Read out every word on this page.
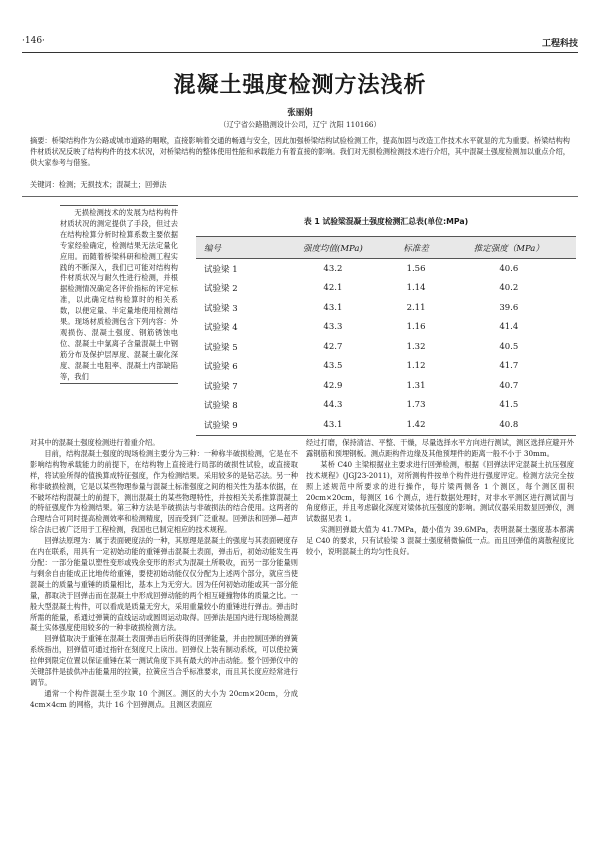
·146·	工程科技
混凝土强度检测方法浅析
张丽娟
（辽宁省公路勘测设计公司，辽宁 沈阳 110166）

摘要：桥梁结构作为公路或城市道路的咽喉，直接影响着交通的畅通与安全，因此加强桥梁结构试验检测工作，提高加固与改造工作技术水平就显的尤为重要。桥梁结构构件材质状况反映了结构构件的技术状况，对桥梁结构的整体使用性能和承载能力有着直接的影响。我们对无损检测检测技术进行介绍，其中混凝土强度检测加以重点介绍，供大家参考与借鉴。

关键词：检测；无损技术；混凝土；回弹法

无损检测技术的发展为结构构件材质状况的测定提供了手段，但过去在结构检算分析时检算系数主要依据专家经验确定，检测结果无法定量化应用。而随着桥梁科研和检测工程实践的不断深入，我们已可能对结构构件材质状况与耐久性进行检测，并根据检测情况确定各评价指标的评定标准，以此确定结构检算时的相关系数，以便定量、半定量地使用检测结果。现场材质检测包含下列内容：外观损伤、混凝土强度、钢筋锈蚀电位、混凝土中氯离子含量混凝土中钢筋分布及保护层厚度、混凝土碳化深度、混凝土电阻率、混凝土内部缺陷等，我们

表 1 试验梁混凝土强度检测汇总表(单位:MPa)
编号	强度均值(MPa)	标准差	推定强度（MPa）
试验梁 1	43.2	1.56	40.6
试验梁 2	42.1	1.14	40.2
试验梁 3	43.1	2.11	39.6
试验梁 4	43.3	1.16	41.4
试验梁 5	42.7	1.32	40.5
试验梁 6	43.5	1.12	41.7
试验梁 7	42.9	1.31	40.7
试验梁 8	44.3	1.73	41.5
试验梁 9	43.1	1.42	40.8

对其中的混凝土强度检测进行着重介绍。

目前，结构混凝土强度的现场检测主要分为三种：一种称半破损检测，它是在不影响结构物承载能力的前提下，在结构物上直接进行局部的破损性试验，或直接取样，将试验所得的值换算成特征强度，作为检测结果。采用较多的是钻芯法。另一种称非破损检测，它是以某些物理参量与混凝土标准强度之间的相关性为基本依据，在不破坏结构混凝土的前提下，测出混凝土的某些物理特性，并按相关关系推算混凝土的特征强度作为检测结果。第三种方法是半破损法与非破损法的结合使用。这两者的合理结合可同时提高检测效率和检测精度，因而受到广泛重视。回弹法和回弹—超声综合法已被广泛用于工程检测，我国也已制定相应的技术规程。

回弹法原理为：属于表面硬度法的一种，其原理是混凝土的强度与其表面硬度存在内在联系，用具有一定初始动能的重锤弹击混凝土表面，弹击后，初始动能发生再分配：一部分能量以塑性变形或残余变形的形式为混凝土所吸收，而另一部分能量则与剩余自由能成正比地传给重锤，要使初始动能仅仅分配为上述两个部分，就应当使混凝土的质量与重锤的质量相比，基本上为无穷大。因为任何初始动能或其一部分能量，都取决于回弹击而在混凝土中形成回弹动能的两个相互碰撞物体的质量之比。一般大型混凝土构件，可以看成是质量无穷大，采用重量较小的重锤进行弹击。弹击时所需的能量，系通过弹簧的直线运动或圆周运动取得。回弹法是国内进行现场检测混凝土实体强度使用较多的一种非破损检测方法。

回弹值取决于重锤在混凝土表面弹击后所获得的回弹能量，并由控制回弹的弹簧系统指出，回弹值可通过指针在刻度尺上读出。回弹仪上装有制动系统，可以使拉簧拉伸到限定位置以保证重锤在某一测试角度下具有最大的冲击动能。整个回弹仪中的关键部件是拔供冲击能量用的拉簧，拉簧应当合乎标准要求，而且其长度应经常进行调节。

通常一个构件混凝土至少取 10 个测区。测区的大小为 20cm×20cm，分成 4cm×4cm 的网格，共计 16 个回弹测点。且测区表面应

经过打磨，保持清洁、平整、干燥，尽量选择水平方向进行测试，测区选择应避开外露钢筋和预埋钢板。测点距构件边缘及其他预埋件的距离一般不小于 30mm。

某桥 C40 主梁根据业主要求进行回弹检测，根据《回弹法评定混凝土抗压强度技术规程》(JGJ23-2011)，对所测构件按单个构件进行强度评定。检测方法完全按照上述规范中所要求的进行操作，每片梁两侧各 1 个测区，每个测区面积 20cm×20cm，每测区 16 个测点，进行数据处理时，对非水平测区进行测试面与角度修正，并且考虑碳化深度对梁体抗压强度的影响。测试仪器采用数显回弹仪，测试数据见表 1。

实测回弹最大值为 41.7MPa，最小值为 39.6MPa，表明混凝土强度基本都满足 C40 的要求，只有试验梁 3 混凝土强度稍微偏低一点。而且回弹值的离散程度比较小，说明混凝土的均匀性良好。
